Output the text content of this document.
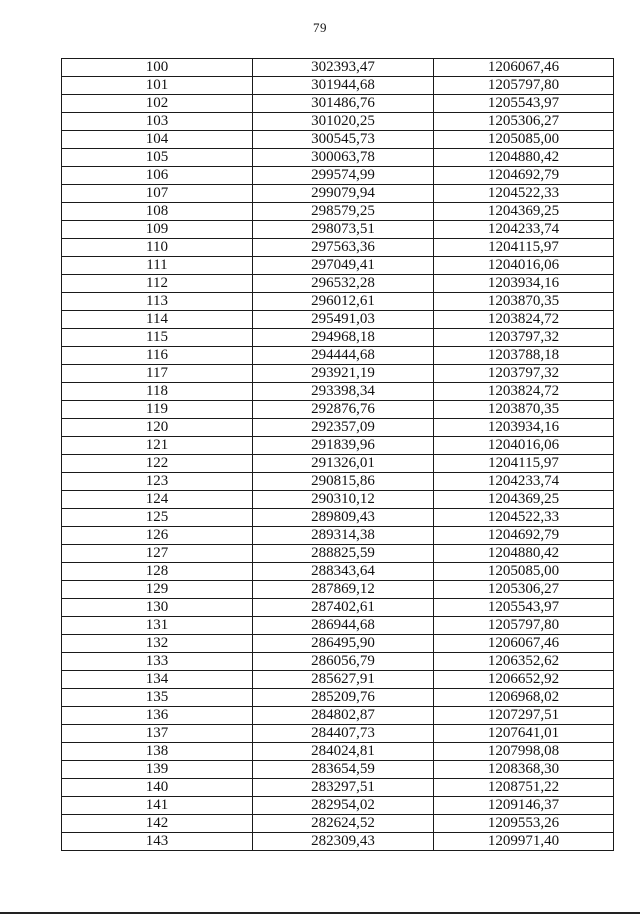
79
100	302393,47	1206067,46
101	301944,68	1205797,80
102	301486,76	1205543,97
103	301020,25	1205306,27
104	300545,73	1205085,00
105	300063,78	1204880,42
106	299574,99	1204692,79
107	299079,94	1204522,33
108	298579,25	1204369,25
109	298073,51	1204233,74
110	297563,36	1204115,97
111	297049,41	1204016,06
112	296532,28	1203934,16
113	296012,61	1203870,35
114	295491,03	1203824,72
115	294968,18	1203797,32
116	294444,68	1203788,18
117	293921,19	1203797,32
118	293398,34	1203824,72
119	292876,76	1203870,35
120	292357,09	1203934,16
121	291839,96	1204016,06
122	291326,01	1204115,97
123	290815,86	1204233,74
124	290310,12	1204369,25
125	289809,43	1204522,33
126	289314,38	1204692,79
127	288825,59	1204880,42
128	288343,64	1205085,00
129	287869,12	1205306,27
130	287402,61	1205543,97
131	286944,68	1205797,80
132	286495,90	1206067,46
133	286056,79	1206352,62
134	285627,91	1206652,92
135	285209,76	1206968,02
136	284802,87	1207297,51
137	284407,73	1207641,01
138	284024,81	1207998,08
139	283654,59	1208368,30
140	283297,51	1208751,22
141	282954,02	1209146,37
142	282624,52	1209553,26
143	282309,43	1209971,40
